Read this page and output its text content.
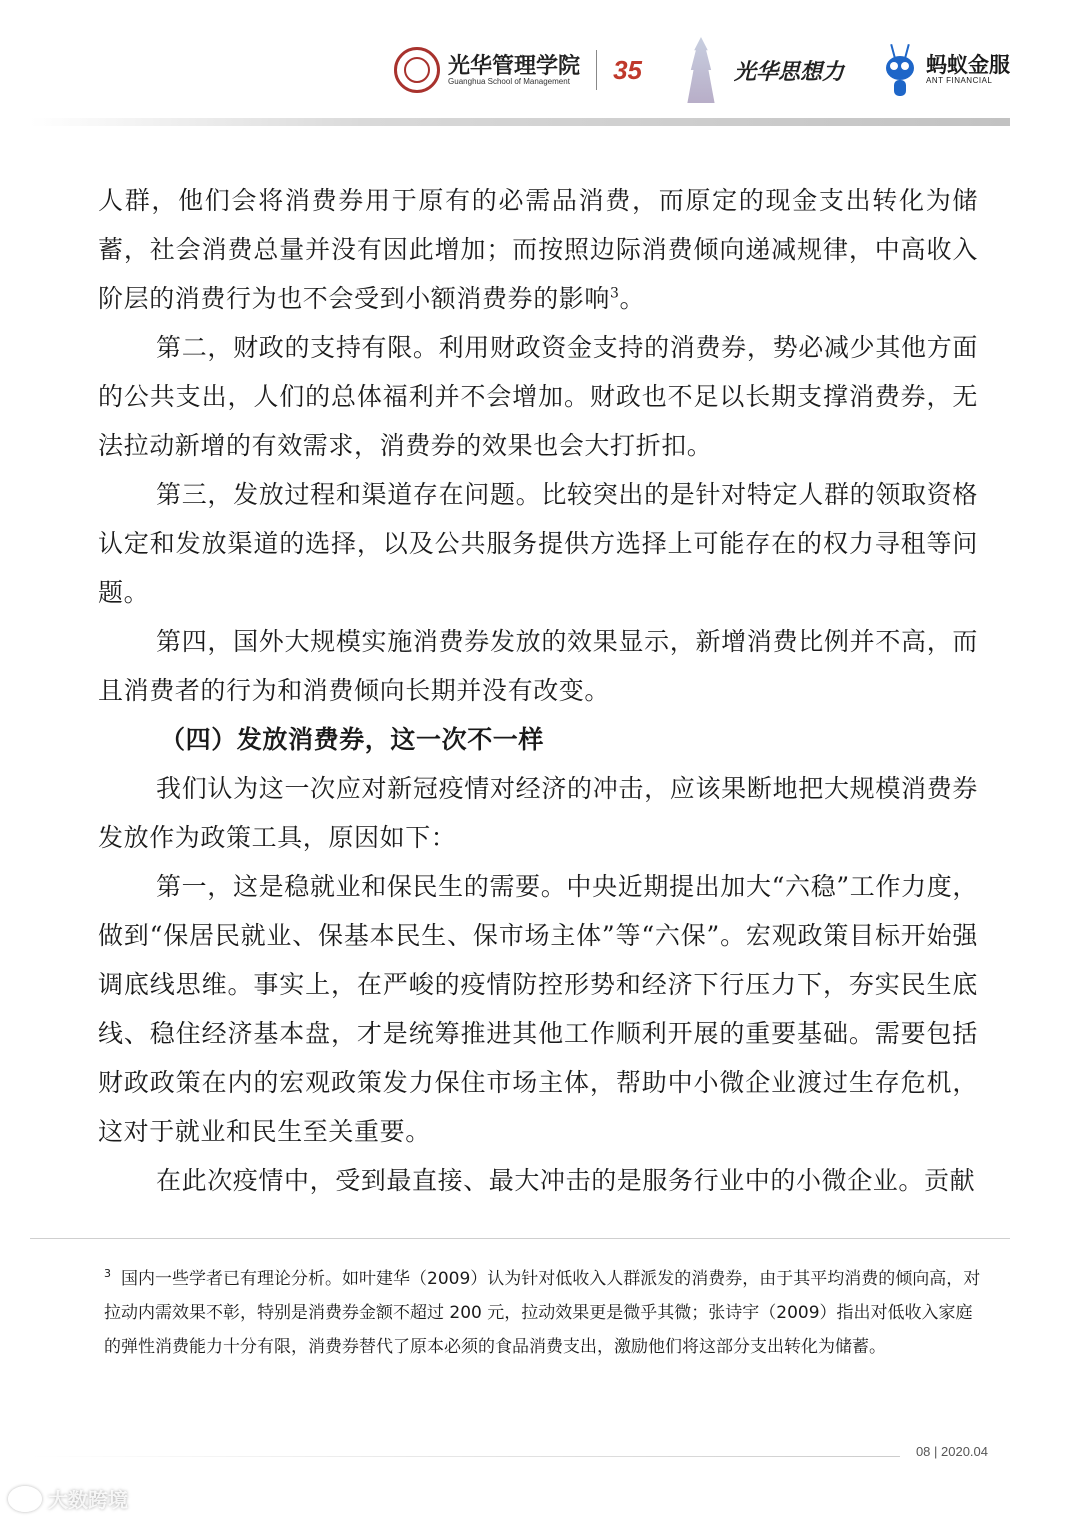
光华管理学院
Guanghua School of Management	35	光华思想力	蚂蚁金服
ANT FINANCIAL

人群，他们会将消费券用于原有的必需品消费，而原定的现金支出转化为储蓄，社会消费总量并没有因此增加；而按照边际消费倾向递减规律，中高收入阶层的消费行为也不会受到小额消费券的影响$^3$。

第二，财政的支持有限。利用财政资金支持的消费券，势必减少其他方面的公共支出，人们的总体福利并不会增加。财政也不足以长期支撑消费券，无法拉动新增的有效需求，消费券的效果也会大打折扣。

第三，发放过程和渠道存在问题。比较突出的是针对特定人群的领取资格认定和发放渠道的选择，以及公共服务提供方选择上可能存在的权力寻租等问题。

第四，国外大规模实施消费券发放的效果显示，新增消费比例并不高，而且消费者的行为和消费倾向长期并没有改变。

（四）发放消费券，这一次不一样

我们认为这一次应对新冠疫情对经济的冲击，应该果断地把大规模消费券发放作为政策工具，原因如下：

第一，这是稳就业和保民生的需要。中央近期提出加大“六稳”工作力度，做到“保居民就业、保基本民生、保市场主体”等“六保”。宏观政策目标开始强调底线思维。事实上，在严峻的疫情防控形势和经济下行压力下，夯实民生底线、稳住经济基本盘，才是统筹推进其他工作顺利开展的重要基础。需要包括财政政策在内的宏观政策发力保住市场主体，帮助中小微企业渡过生存危机，这对于就业和民生至关重要。

在此次疫情中，受到最直接、最大冲击的是服务行业中的小微企业。贡献

$^3$ 国内一些学者已有理论分析。如叶建华（2009）认为针对低收入人群派发的消费券，由于其平均消费的倾向高，对拉动内需效果不彰，特别是消费券金额不超过 200 元，拉动效果更是微乎其微；张诗宇（2009）指出对低收入家庭的弹性消费能力十分有限，消费券替代了原本必须的食品消费支出，激励他们将这部分支出转化为储蓄。
08 | 2020.04
大数跨境
